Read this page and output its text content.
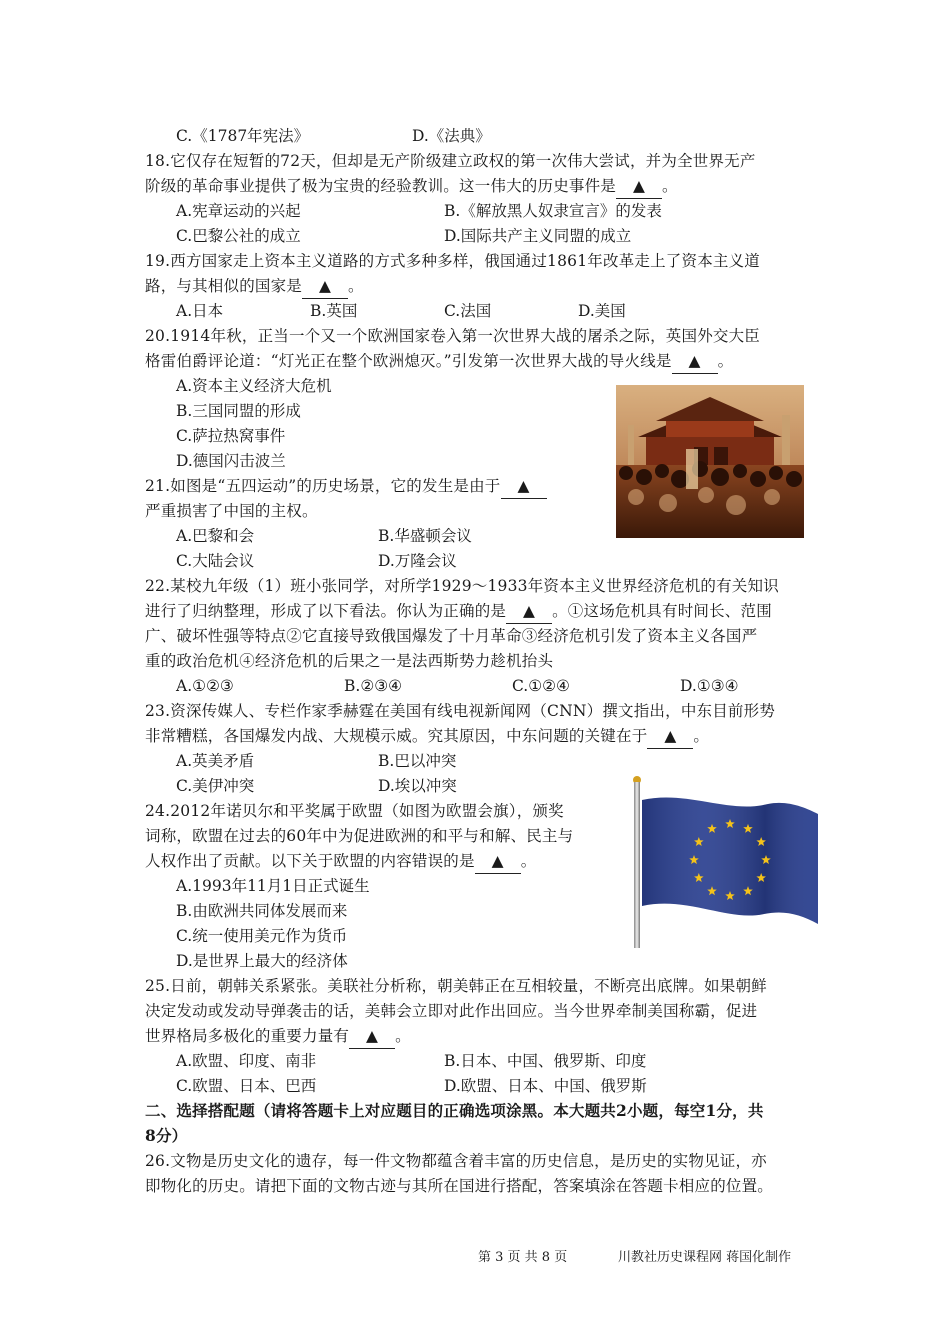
C.《1787年宪法》	D.《法典》
18.它仅存在短暂的72天，但却是无产阶级建立政权的第一次伟大尝试，并为全世界无产
阶级的革命事业提供了极为宝贵的经验教训。这一伟大的历史事件是 ▲ 。
A.宪章运动的兴起	B.《解放黑人奴隶宣言》的发表
C.巴黎公社的成立	D.国际共产主义同盟的成立
19.西方国家走上资本主义道路的方式多种多样，俄国通过1861年改革走上了资本主义道
路，与其相似的国家是 ▲ 。
A.日本	B.英国	C.法国	D.美国
20.1914年秋，正当一个又一个欧洲国家卷入第一次世界大战的屠杀之际，英国外交大臣
格雷伯爵评论道：“灯光正在整个欧洲熄灭。”引发第一次世界大战的导火线是 ▲ 。
A.资本主义经济大危机
B.三国同盟的形成
C.萨拉热窝事件
D.德国闪击波兰
21.如图是“五四运动”的历史场景，它的发生是由于 ▲
严重损害了中国的主权。
A.巴黎和会	B.华盛顿会议
C.大陆会议	D.万隆会议
22.某校九年级（1）班小张同学，对所学1929～1933年资本主义世界经济危机的有关知识
进行了归纳整理，形成了以下看法。你认为正确的是 ▲ 。①这场危机具有时间长、范围
广、破坏性强等特点②它直接导致俄国爆发了十月革命③经济危机引发了资本主义各国严
重的政治危机④经济危机的后果之一是法西斯势力趁机抬头
A.①②③	B.②③④	C.①②④	D.①③④
23.资深传媒人、专栏作家季赫霆在美国有线电视新闻网（CNN）撰文指出，中东目前形势
非常糟糕，各国爆发内战、大规模示威。究其原因，中东问题的关键在于 ▲ 。
A.英美矛盾	B.巴以冲突
C.美伊冲突	D.埃以冲突
24.2012年诺贝尔和平奖属于欧盟（如图为欧盟会旗），颁奖
词称，欧盟在过去的60年中为促进欧洲的和平与和解、民主与
人权作出了贡献。以下关于欧盟的内容错误的是 ▲ 。
A.1993年11月1日正式诞生
B.由欧洲共同体发展而来
C.统一使用美元作为货币
D.是世界上最大的经济体
25.日前，朝韩关系紧张。美联社分析称，朝美韩正在互相较量，不断亮出底牌。如果朝鲜
决定发动或发动导弹袭击的话，美韩会立即对此作出回应。当今世界牵制美国称霸，促进
世界格局多极化的重要力量有 ▲ 。
A.欧盟、印度、南非	B.日本、中国、俄罗斯、印度
C.欧盟、日本、巴西	D.欧盟、日本、中国、俄罗斯
二、选择搭配题（请将答题卡上对应题目的正确选项涂黑。本大题共2小题，每空1分，共
8分）
26.文物是历史文化的遗存，每一件文物都蕴含着丰富的历史信息，是历史的实物见证，亦
即物化的历史。请把下面的文物古迹与其所在国进行搭配，答案填涂在答题卡相应的位置。
第 3 页 共 8 页	川教社历史课程网 蒋国化制作
